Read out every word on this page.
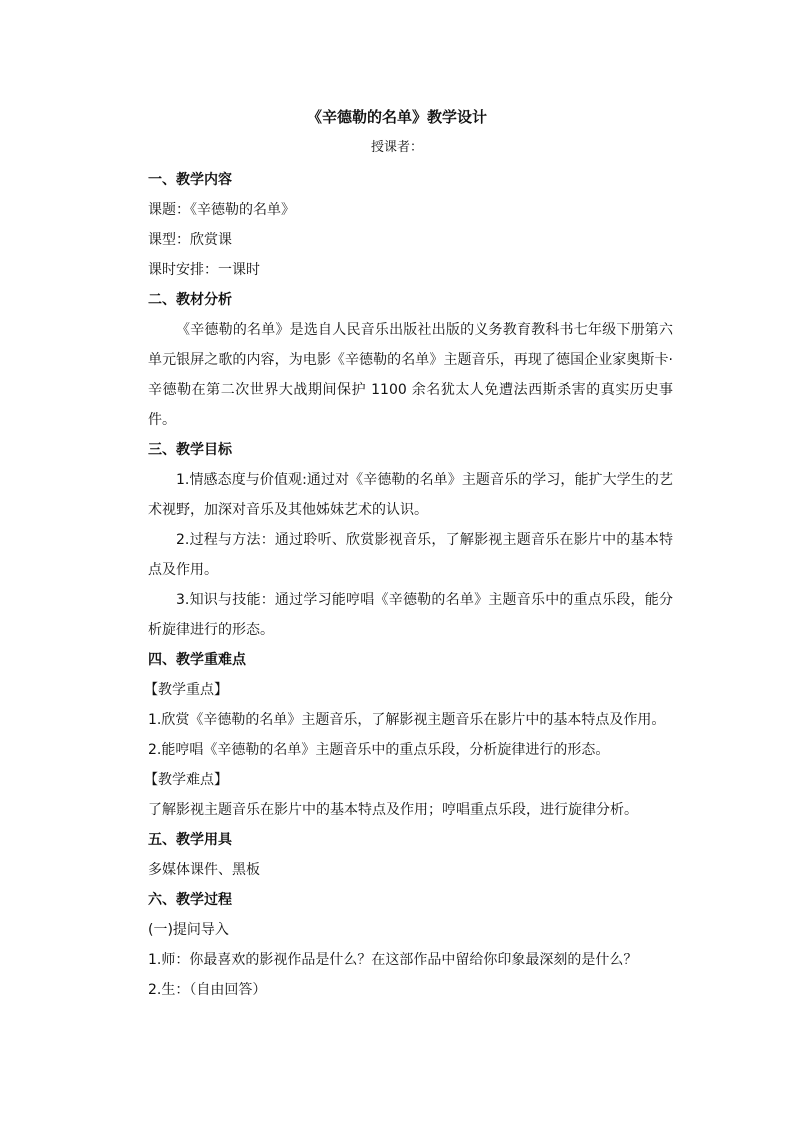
《辛德勒的名单》教学设计
授课者：

一、教学内容

课题：《辛德勒的名单》

课型：欣赏课

课时安排：一课时

二、教材分析

《辛德勒的名单》是选自人民音乐出版社出版的义务教育教科书七年级下册第六单元银屏之歌的内容，为电影《辛德勒的名单》主题音乐，再现了德国企业家奥斯卡·辛德勒在第二次世界大战期间保护 1100 余名犹太人免遭法西斯杀害的真实历史事件。

三、教学目标

1.情感态度与价值观:通过对《辛德勒的名单》主题音乐的学习，能扩大学生的艺术视野，加深对音乐及其他姊妹艺术的认识。

2.过程与方法：通过聆听、欣赏影视音乐，了解影视主题音乐在影片中的基本特点及作用。

3.知识与技能：通过学习能哼唱《辛德勒的名单》主题音乐中的重点乐段，能分析旋律进行的形态。

四、教学重难点

【教学重点】

1.欣赏《辛德勒的名单》主题音乐，了解影视主题音乐在影片中的基本特点及作用。

2.能哼唱《辛德勒的名单》主题音乐中的重点乐段，分析旋律进行的形态。

【教学难点】

了解影视主题音乐在影片中的基本特点及作用；哼唱重点乐段，进行旋律分析。

五、教学用具

多媒体课件、黑板

六、教学过程

(一)提问导入

1.师：你最喜欢的影视作品是什么？在这部作品中留给你印象最深刻的是什么？

2.生：（自由回答）
